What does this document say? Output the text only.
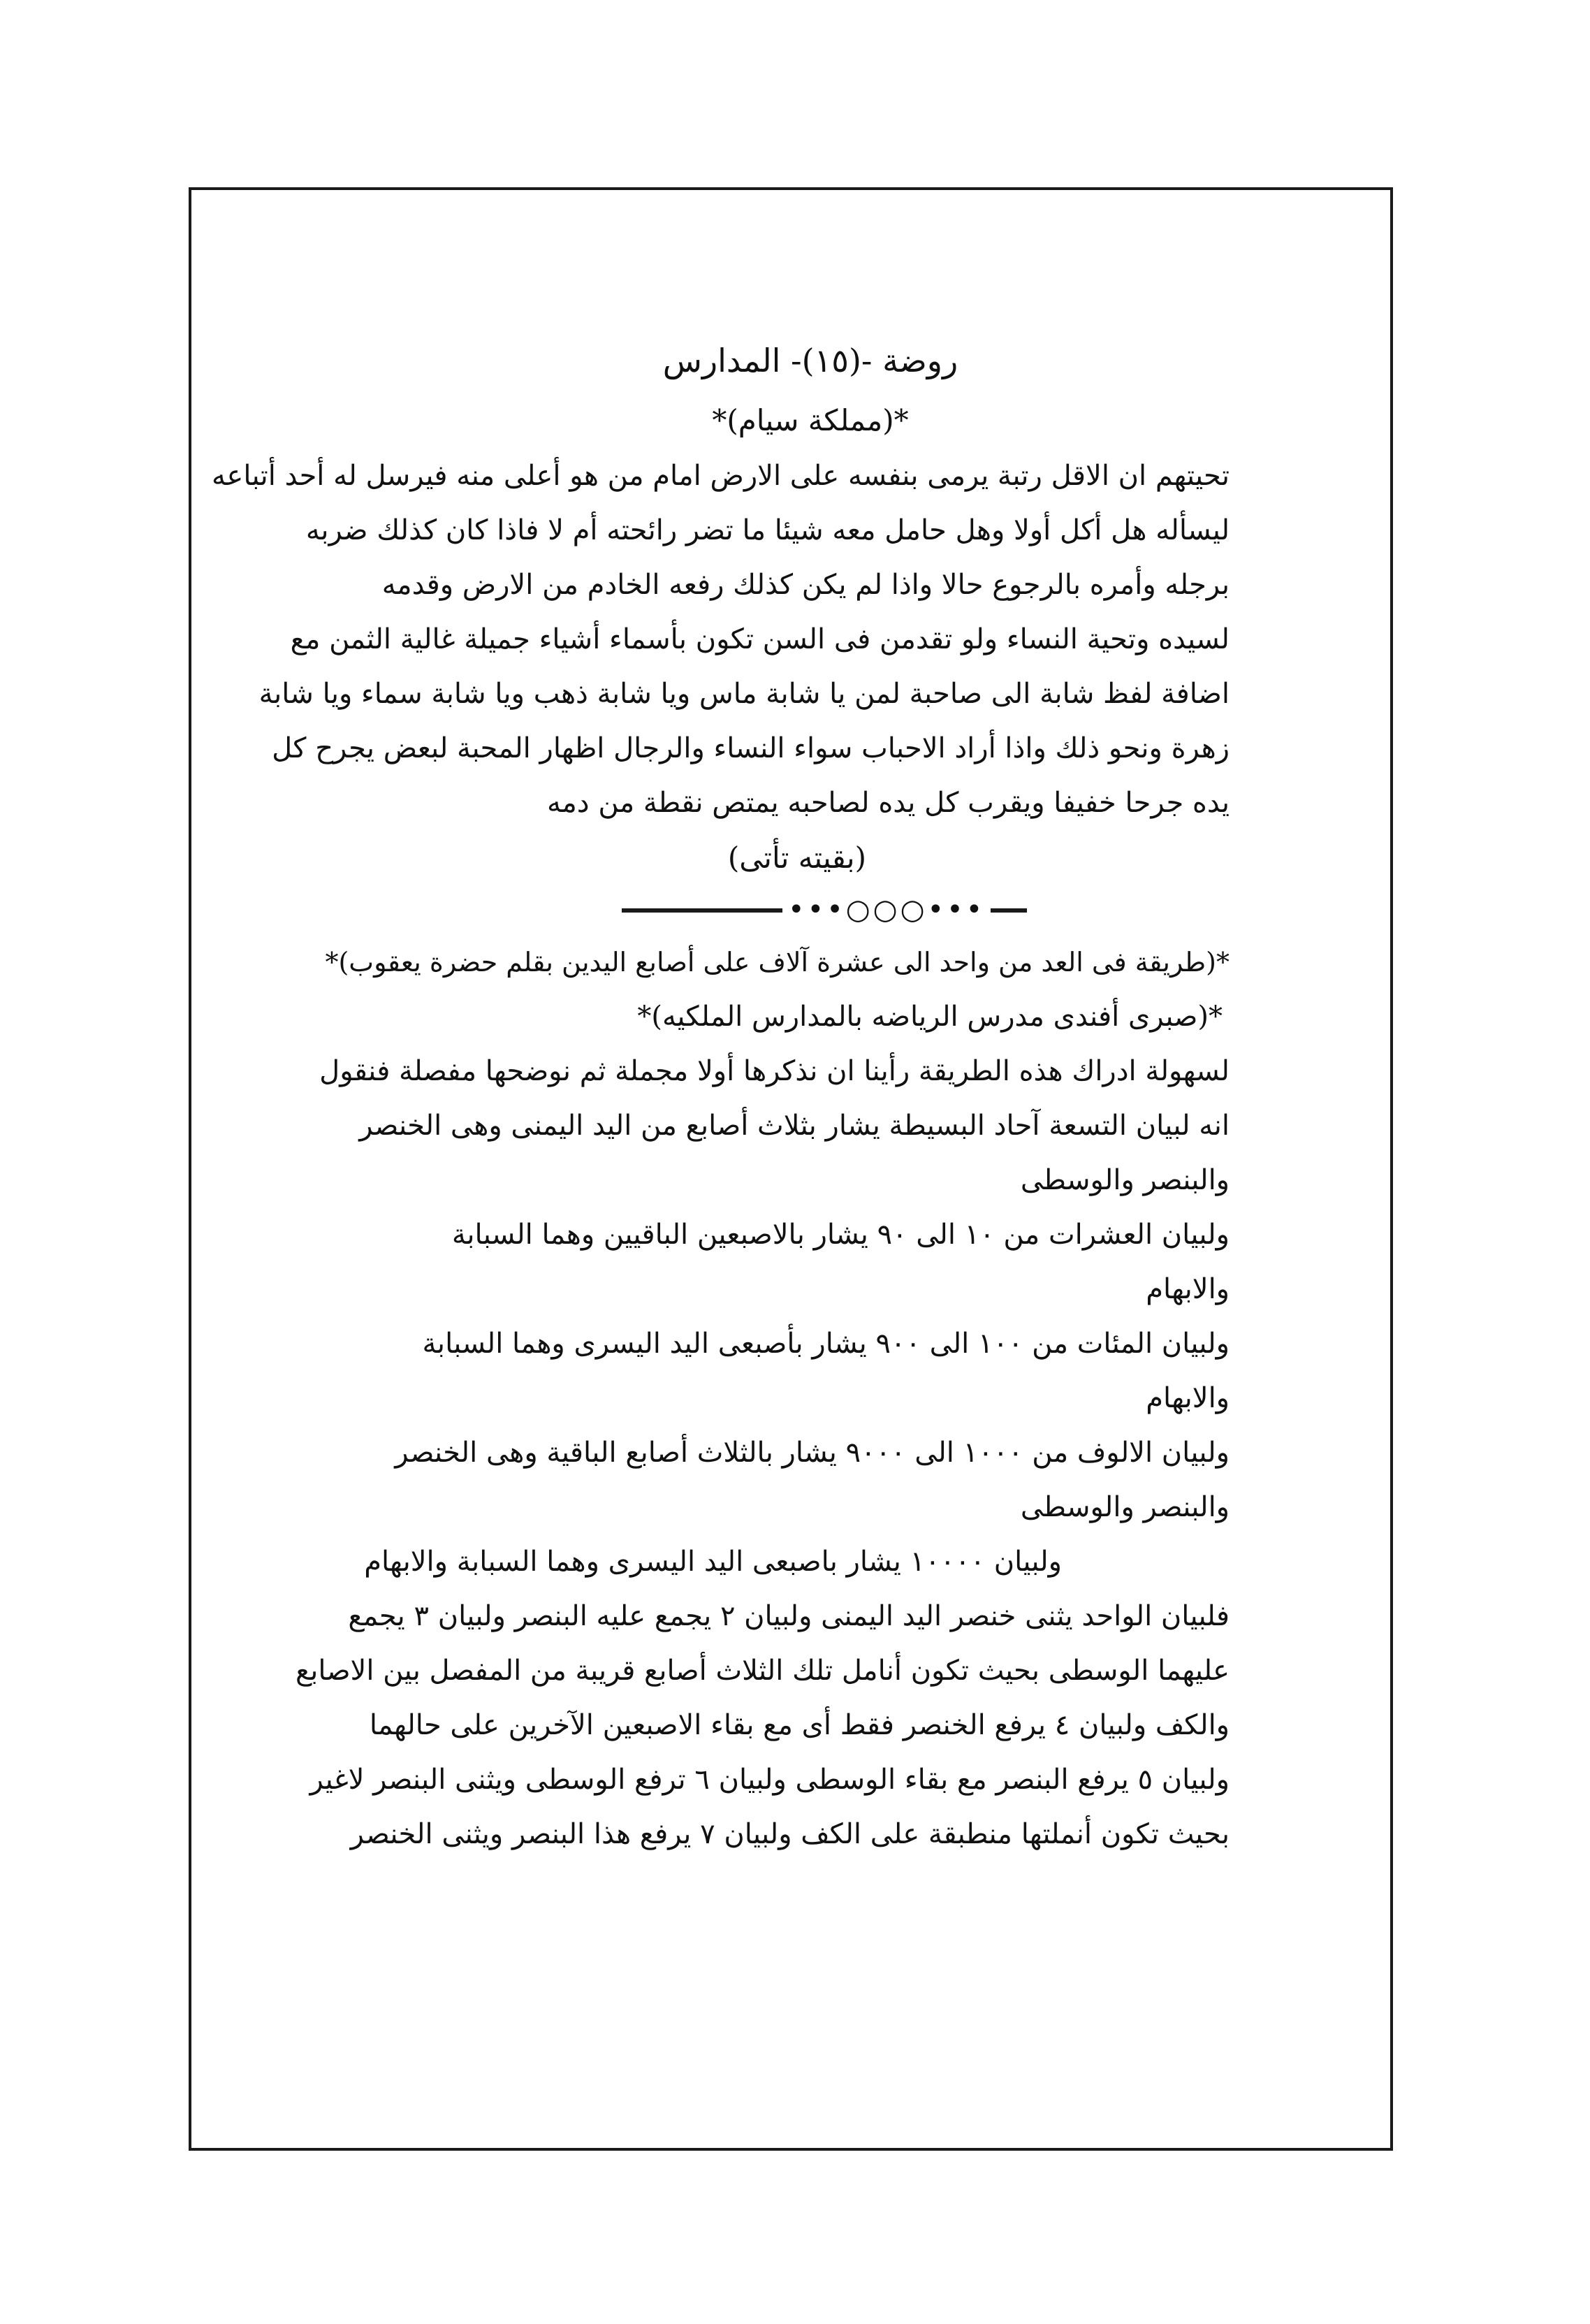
روضة -(١٥)- المدارس
*(مملكة سيام)*
تحيتهم ان الاقل رتبة يرمى بنفسه على الارض امام من هو أعلى منه فيرسل له أحد أتباعه
ليسأله هل أكل أولا وهل حامل معه شيئا ما تضر رائحته أم لا فاذا كان كذلك ضربه
برجله وأمره بالرجوع حالا واذا لم يكن كذلك رفعه الخادم من الارض وقدمه
لسيده وتحية النساء ولو تقدمن فى السن تكون بأسماء أشياء جميلة غالية الثمن مع
اضافة لفظ شابة الى صاحبة لمن يا شابة ماس ويا شابة ذهب ويا شابة سماء ويا شابة
زهرة ونحو ذلك واذا أراد الاحباب سواء النساء والرجال اظهار المحبة لبعض يجرح كل
يده جرحا خفيفا ويقرب كل يده لصاحبه يمتص نقطة من دمه
(بقيته تأتى)
•••○○○•••
*(طريقة فى العد من واحد الى عشرة آلاف على أصابع اليدين بقلم حضرة يعقوب)*
*(صبرى أفندى مدرس الرياضه بالمدارس الملكيه)*
لسهولة ادراك هذه الطريقة رأينا ان نذكرها أولا مجملة ثم نوضحها مفصلة فنقول
انه لبيان التسعة آحاد البسيطة يشار بثلاث أصابع من اليد اليمنى وهى الخنصر
والبنصر والوسطى
ولبيان العشرات من ١٠ الى ٩٠ يشار بالاصبعين الباقيين وهما السبابة
والابهام
ولبيان المئات من ١٠٠ الى ٩٠٠ يشار بأصبعى اليد اليسرى وهما السبابة
والابهام
ولبيان الالوف من ١٠٠٠ الى ٩٠٠٠ يشار بالثلاث أصابع الباقية وهى الخنصر
والبنصر والوسطى
ولبيان ١٠٠٠٠ يشار باصبعى اليد اليسرى وهما السبابة والابهام
فلبيان الواحد يثنى خنصر اليد اليمنى ولبيان ٢ يجمع عليه البنصر ولبيان ٣ يجمع
عليهما الوسطى بحيث تكون أنامل تلك الثلاث أصابع قريبة من المفصل بين الاصابع
والكف ولبيان ٤ يرفع الخنصر فقط أى مع بقاء الاصبعين الآخرين على حالهما
ولبيان ٥ يرفع البنصر مع بقاء الوسطى ولبيان ٦ ترفع الوسطى ويثنى البنصر لاغير
بحيث تكون أنملتها منطبقة على الكف ولبيان ٧ يرفع هذا البنصر ويثنى الخنصر
